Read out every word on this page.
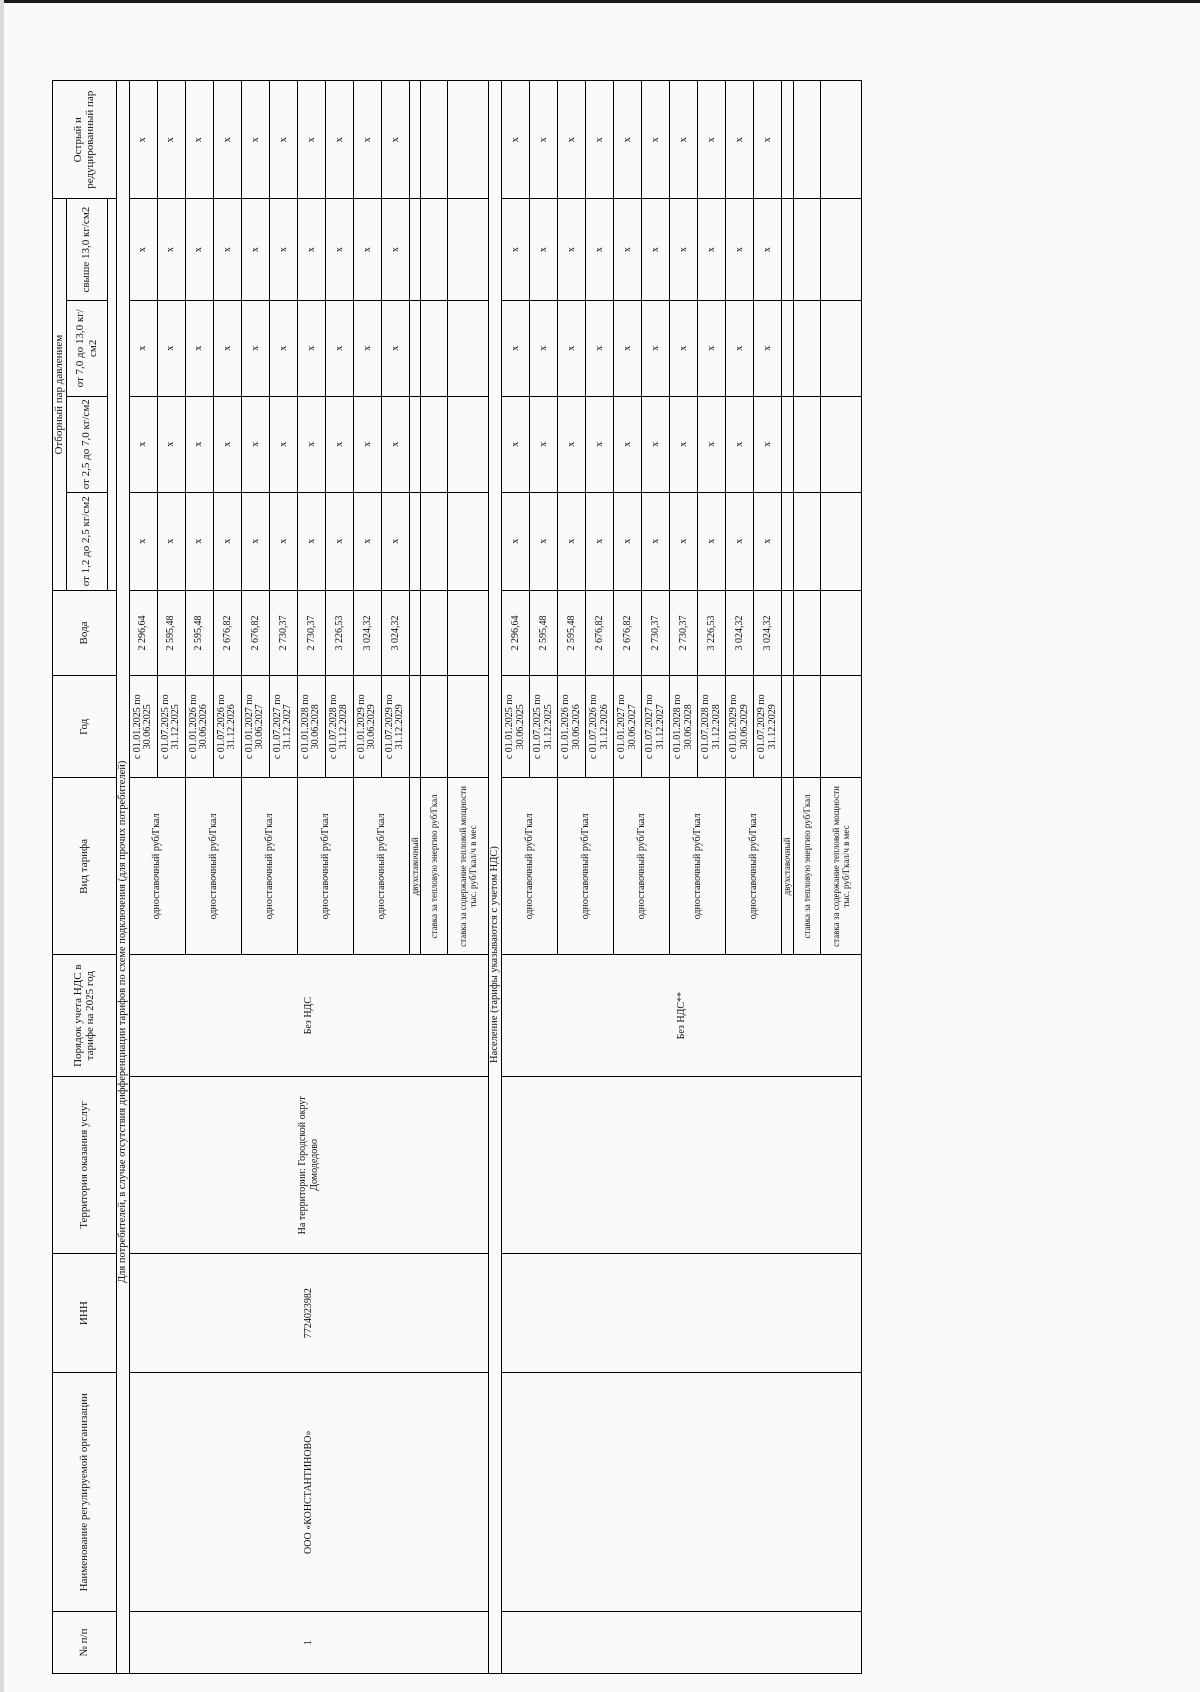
№ п/п	Наименование регулируемой организации	ИНН	Территория оказания услуг	Порядок учета НДС в тарифе на 2025 год	Вид тарифа	Год	Вода	Отборный пар давлением				Острый и редуцированный пар
								от 1,2 до 2,5 кг/см2	от 2,5 до 7,0 кг/см2	от 7,0 до 13,0 кг/см2	свыше 13,0 кг/см2	

Для потребителей, в случае отсутствия дифференциации тарифов по схеме подключения (для прочих потребителей)												
1	ООО «КОНСТАНТИНОВО»	7724023982	На территории: Городской округ Домодедово	Без НДС	одноставочный руб/Гкал	с 01.01.2025 по 30.06.2025	2 296,64	x	x	x	x	x
						с 01.07.2025 по 31.12.2025	2 595,48	x	x	x	x	x
					одноставочный руб/Гкал	с 01.01.2026 по 30.06.2026	2 595,48	x	x	x	x	x
						с 01.07.2026 по 31.12.2026	2 676,82	x	x	x	x	x
					одноставочный руб/Гкал	с 01.01.2027 по 30.06.2027	2 676,82	x	x	x	x	x
						с 01.07.2027 по 31.12.2027	2 730,37	x	x	x	x	x
					одноставочный руб/Гкал	с 01.01.2028 по 30.06.2028	2 730,37	x	x	x	x	x
						с 01.07.2028 по 31.12.2028	3 226,53	x	x	x	x	x
					одноставочный руб/Гкал	с 01.01.2029 по 30.06.2029	3 024,32	x	x	x	x	x
						с 01.07.2029 по 31.12.2029	3 024,32	x	x	x	x	x
					двухставочный							
					ставка за тепловую энергию руб/Гкал							
					ставка за содержание тепловой мощности тыс. руб/Гкал/ч в мес							
Население (тарифы указываются с учетом НДС)												
				Без НДС**	одноставочный руб/Гкал	с 01.01.2025 по 30.06.2025	2 296,64	x	x	x	x	x
						с 01.07.2025 по 31.12.2025	2 595,48	x	x	x	x	x
					одноставочный руб/Гкал	с 01.01.2026 по 30.06.2026	2 595,48	x	x	x	x	x
						с 01.07.2026 по 31.12.2026	2 676,82	x	x	x	x	x
					одноставочный руб/Гкал	с 01.01.2027 по 30.06.2027	2 676,82	x	x	x	x	x
						с 01.07.2027 по 31.12.2027	2 730,37	x	x	x	x	x
					одноставочный руб/Гкал	с 01.01.2028 по 30.06.2028	2 730,37	x	x	x	x	x
						с 01.07.2028 по 31.12.2028	3 226,53	x	x	x	x	x
					одноставочный руб/Гкал	с 01.01.2029 по 30.06.2029	3 024,32	x	x	x	x	x
						с 01.07.2029 по 31.12.2029	3 024,32	x	x	x	x	x
					двухставочный							
					ставка за тепловую энергию руб/Гкал							
					ставка за содержание тепловой мощности тыс. руб/Гкал/ч в мес							
